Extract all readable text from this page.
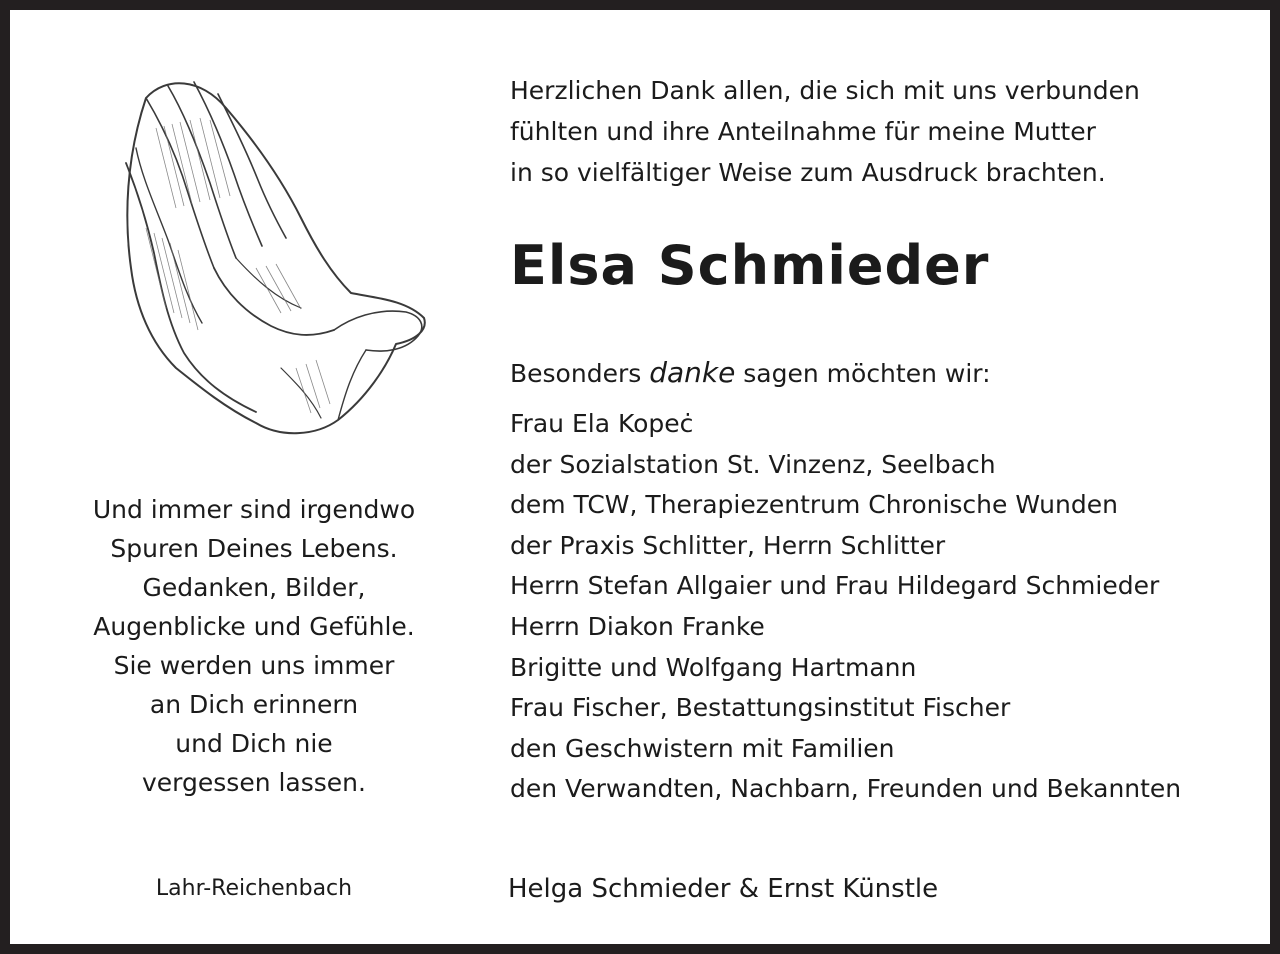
Und immer sind irgendwo
Spuren Deines Lebens.
Gedanken, Bilder,
Augenblicke und Gefühle.
Sie werden uns immer
an Dich erinnern
und Dich nie
vergessen lassen.
Lahr-Reichenbach
Herzlichen Dank allen, die sich mit uns verbunden
fühlten und ihre Anteilnahme für meine Mutter
in so vielfältiger Weise zum Ausdruck brachten.
Elsa Schmieder
Besonders danke sagen möchten wir:
Frau Ela Kopeċ
der Sozialstation St. Vinzenz, Seelbach
dem TCW, Therapiezentrum Chronische Wunden
der Praxis Schlitter, Herrn Schlitter
Herrn Stefan Allgaier und Frau Hildegard Schmieder
Herrn Diakon Franke
Brigitte und Wolfgang Hartmann
Frau Fischer, Bestattungsinstitut Fischer
den Geschwistern mit Familien
den Verwandten, Nachbarn, Freunden und Bekannten
Helga Schmieder & Ernst Künstle
